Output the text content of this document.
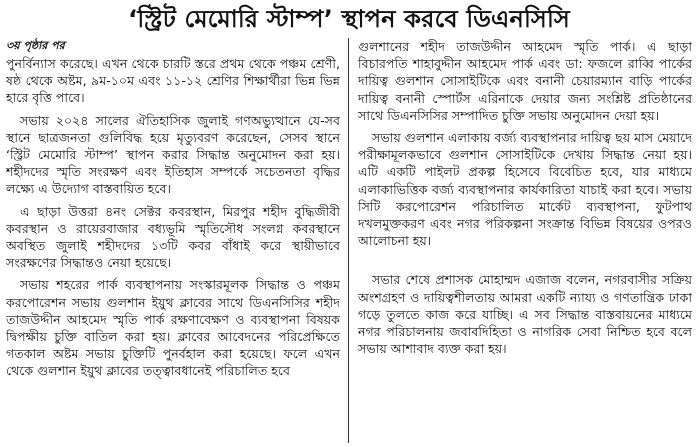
‘স্ট্রিট মেমোরি স্টাম্প’ স্থাপন করবে ডিএনসিসি
৩য় পৃষ্ঠার পর

পুনর্বিন্যাস করেছে। এখন থেকে চারটি স্তরে প্রথম থেকে পঞ্চম শ্রেণী, ষষ্ঠ থেকে অষ্টম, ৯ম-১০ম এবং ১১-১২ শ্রেণির শিক্ষার্থীরা ভিন্ন ভিন্ন হারে বৃত্তি পাবে।

সভায় ২০২৪ সালের ঐতিহাসিক জুলাই গণঅভ্যুত্থানে যে-সব স্থানে ছাত্রজনতা গুলিবিদ্ধ হয়ে মৃত্যুবরণ করেছেন, সেসব স্থানে ‘স্ট্রিট মেমোরি স্টাম্প’ স্থাপন করার সিদ্ধান্ত অনুমোদন করা হয়। শহীদদের স্মৃতি সংরক্ষণ এবং ইতিহাস সম্পর্কে সচেতনতা বৃদ্ধির লক্ষ্যে এ উদ্যোগ বাস্তবায়িত হবে।

এ ছাড়া উত্তরা ৪নং সেক্টর কবরস্থান, মিরপুর শহীদ বুদ্ধিজীবী কবরস্থান ও রায়েরবাজার বধ্যভূমি স্মৃতিসৌধ সংলগ্ন কবরস্থানে অবস্থিত জুলাই শহীদদের ১৩টি কবর বাঁধাই করে স্থায়ীভাবে সংরক্ষণের সিদ্ধান্তও নেয়া হয়েছে।

সভায় শহরের পার্ক ব্যবস্থাপনায় সংস্কারমূলক সিদ্ধান্ত ও পঞ্চম করপোরেশন সভায় গুলশান ইয়ুথ ক্লাবের সাথে ডিএনসিসির শহীদ তাজউদ্দীন আহমেদ স্মৃতি পার্ক রক্ষণাবেক্ষণ ও ব্যবস্থাপনা বিষয়ক দ্বিপক্ষীয় চুক্তি বাতিল করা হয়। ক্লাবের আবেদনের পরিপ্রেক্ষিতে গতকাল অষ্টম সভায় চুক্তিটি পুনর্বহাল করা হয়েছে। ফলে এখন থেকে গুলশান ইয়ুথ ক্লাবের তত্ত্বাবধানেই পরিচালিত হবে

গুলশানের শহীদ তাজউদ্দীন আহমেদ স্মৃতি পার্ক। এ ছাড়া বিচারপতি শাহাবুদ্দীন আহমেদ পার্ক এবং ডা: ফজলে রাব্বি পার্কের দায়িত্ব গুলশান সোসাইটিকে এবং বনানী চেয়ারম্যান বাড়ি পার্কের দায়িত্ব বনানী স্পোর্টস এরিনাকে দেয়ার জন্য সংশ্লিষ্ট প্রতিষ্ঠানের সাথে ডিএনসিসির সম্পাদিত চুক্তি সভায় অনুমোদন দেয়া হয়।

সভায় গুলশান এলাকায় বর্জ্য ব্যবস্থাপনার দায়িত্ব ছয় মাস মেয়াদে পরীক্ষামূলকভাবে গুলশান সোসাইটিকে দেখায় সিদ্ধান্ত নেয়া হয়। এটি একটি পাইলট প্রকল্প হিসেবে বিবেচিত হবে, যার মাধ্যমে এলাকাভিত্তিক বর্জ্য ব্যবস্থাপনার কার্যকারিতা যাচাই করা হবে। সভায় সিটি করপোরেশন পরিচালিত মার্কেট ব্যবস্থাপনা, ফুটপাথ দখলমুক্তকরণ এবং নগর পরিকল্পনা সংক্রান্ত বিভিন্ন বিষয়ের ওপরও আলোচনা হয়।

সভার শেষে প্রশাসক মোহাম্মদ এজাজ বলেন, নগরবাসীর সক্রিয় অংশগ্রহণ ও দায়িত্বশীলতায় আমরা একটি ন্যায্য ও গণতান্ত্রিক ঢাকা গড়ে তুলতে কাজ করে যাচ্ছি। এ সব সিদ্ধান্ত বাস্তবায়নের মাধ্যমে নগর পরিচালনায় জবাবদিহিতা ও নাগরিক সেবা নিশ্চিত হবে বলে সভায় আশাবাদ ব্যক্ত করা হয়।
